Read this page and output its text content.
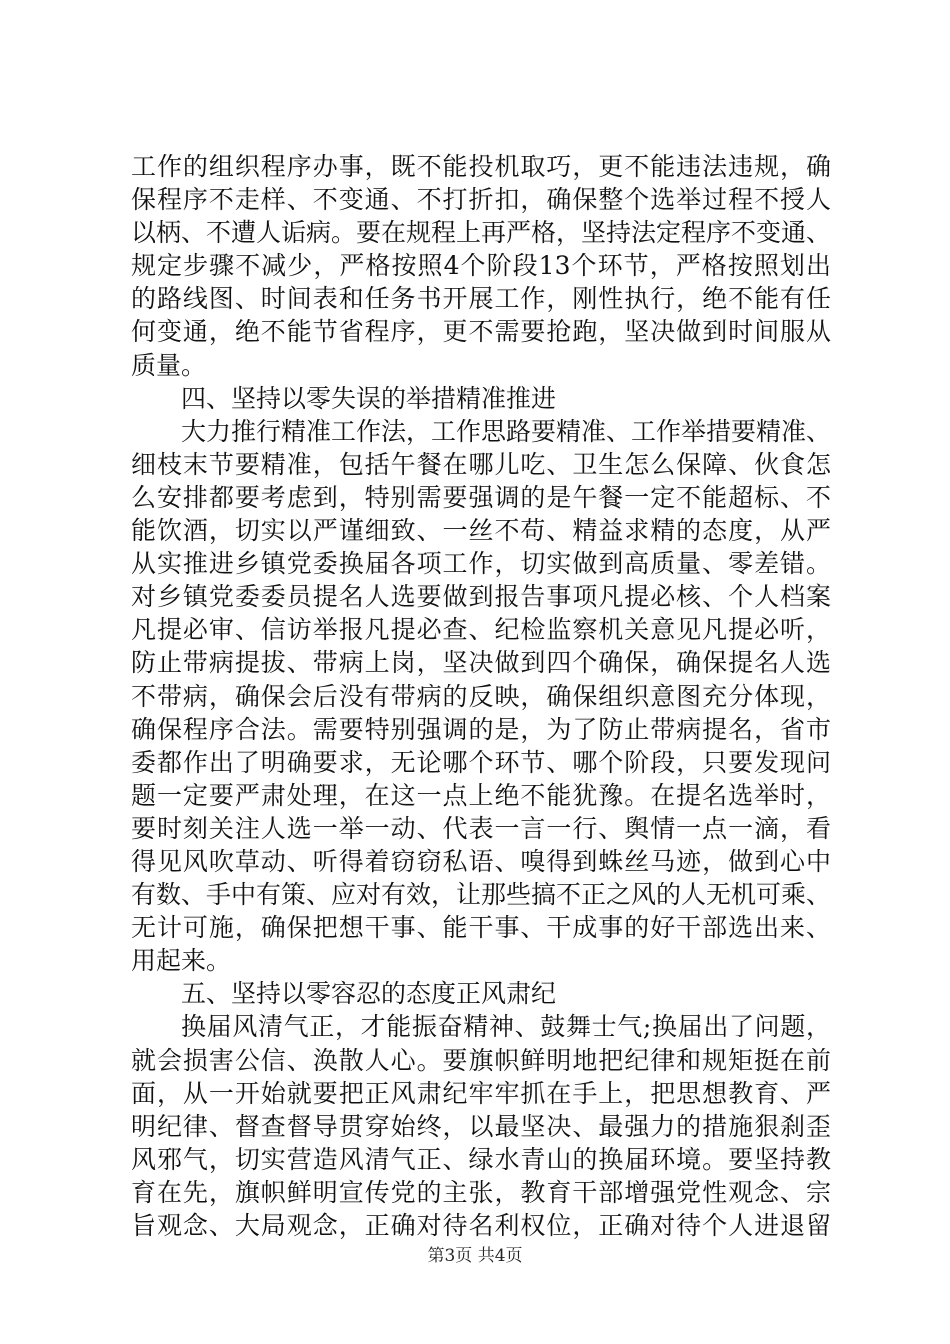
工作的组织程序办事，既不能投机取巧，更不能违法违规，确
保程序不走样、不变通、不打折扣，确保整个选举过程不授人
以柄、不遭人诟病。要在规程上再严格，坚持法定程序不变通、
规定步骤不减少，严格按照4个阶段13个环节，严格按照划出
的路线图、时间表和任务书开展工作，刚性执行，绝不能有任
何变通，绝不能节省程序，更不需要抢跑，坚决做到时间服从
质量。
四、坚持以零失误的举措精准推进
大力推行精准工作法，工作思路要精准、工作举措要精准、
细枝末节要精准，包括午餐在哪儿吃、卫生怎么保障、伙食怎
么安排都要考虑到，特别需要强调的是午餐一定不能超标、不
能饮酒，切实以严谨细致、一丝不苟、精益求精的态度，从严
从实推进乡镇党委换届各项工作，切实做到高质量、零差错。
对乡镇党委委员提名人选要做到报告事项凡提必核、个人档案
凡提必审、信访举报凡提必查、纪检监察机关意见凡提必听，
防止带病提拔、带病上岗，坚决做到四个确保，确保提名人选
不带病，确保会后没有带病的反映，确保组织意图充分体现，
确保程序合法。需要特别强调的是，为了防止带病提名，省市
委都作出了明确要求，无论哪个环节、哪个阶段，只要发现问
题一定要严肃处理，在这一点上绝不能犹豫。在提名选举时，
要时刻关注人选一举一动、代表一言一行、舆情一点一滴，看
得见风吹草动、听得着窃窃私语、嗅得到蛛丝马迹，做到心中
有数、手中有策、应对有效，让那些搞不正之风的人无机可乘、
无计可施，确保把想干事、能干事、干成事的好干部选出来、
用起来。
五、坚持以零容忍的态度正风肃纪
换届风清气正，才能振奋精神、鼓舞士气;换届出了问题，
就会损害公信、涣散人心。要旗帜鲜明地把纪律和规矩挺在前
面，从一开始就要把正风肃纪牢牢抓在手上，把思想教育、严
明纪律、督查督导贯穿始终，以最坚决、最强力的措施狠刹歪
风邪气，切实营造风清气正、绿水青山的换届环境。要坚持教
育在先，旗帜鲜明宣传党的主张，教育干部增强党性观念、宗
旨观念、大局观念，正确对待名利权位，正确对待个人进退留
第3页 共4页
